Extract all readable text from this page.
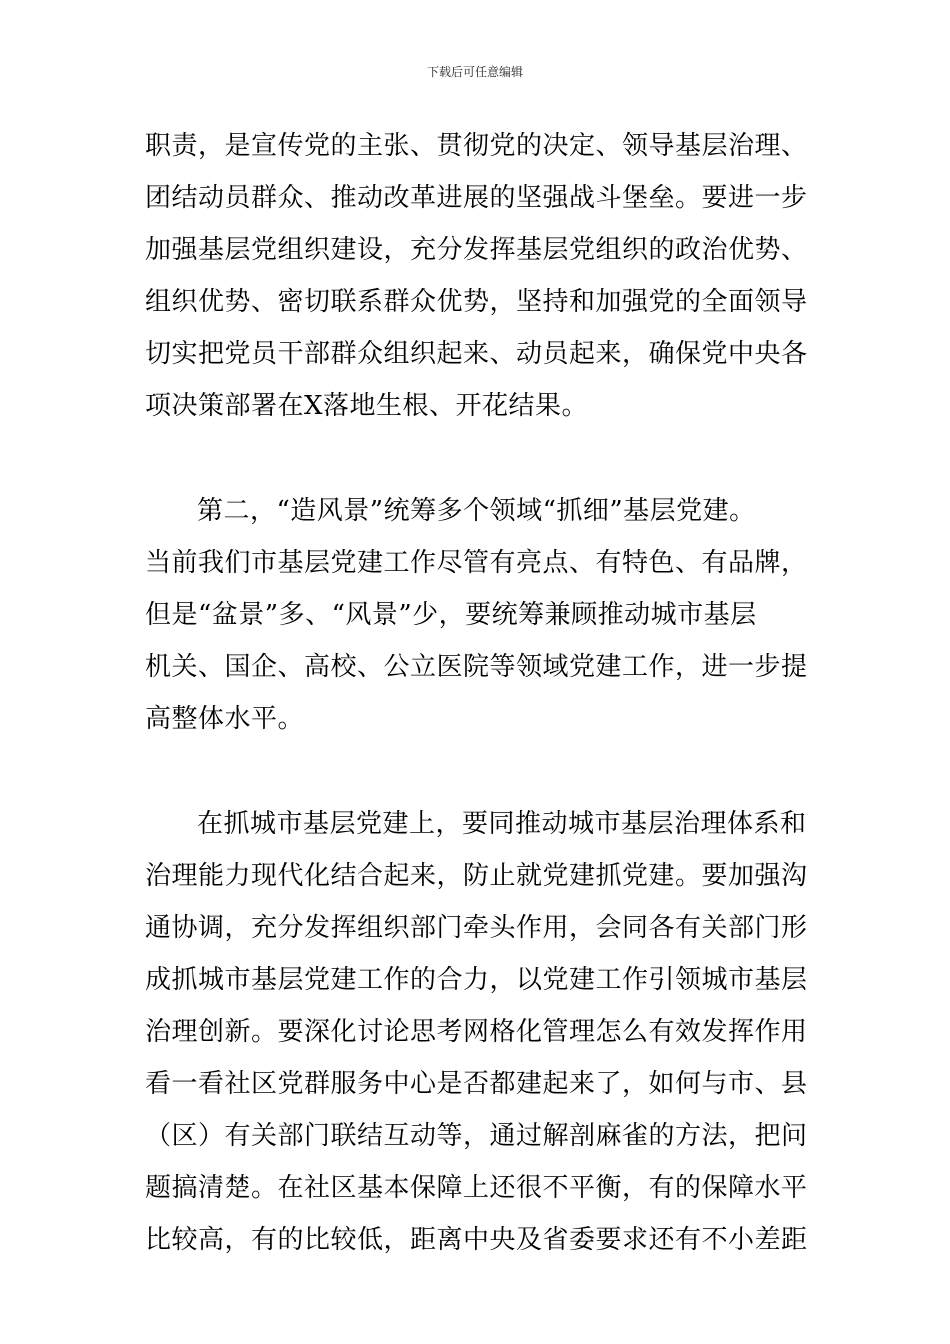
下载后可任意编辑
职责，是宣传党的主张、贯彻党的决定、领导基层治理、
团结动员群众、推动改革进展的坚强战斗堡垒。要进一步
加强基层党组织建设，充分发挥基层党组织的政治优势、
组织优势、密切联系群众优势，坚持和加强党的全面领导
切实把党员干部群众组织起来、动员起来，确保党中央各
项决策部署在X落地生根、开花结果。
第二，“造风景”统筹多个领域“抓细”基层党建。
当前我们市基层党建工作尽管有亮点、有特色、有品牌，
但是“盆景”多、“风景”少，要统筹兼顾推动城市基层
机关、国企、高校、公立医院等领域党建工作，进一步提
高整体水平。
在抓城市基层党建上，要同推动城市基层治理体系和
治理能力现代化结合起来，防止就党建抓党建。要加强沟
通协调，充分发挥组织部门牵头作用，会同各有关部门形
成抓城市基层党建工作的合力，以党建工作引领城市基层
治理创新。要深化讨论思考网格化管理怎么有效发挥作用
看一看社区党群服务中心是否都建起来了，如何与市、县
（区）有关部门联结互动等，通过解剖麻雀的方法，把问
题搞清楚。在社区基本保障上还很不平衡，有的保障水平
比较高，有的比较低，距离中央及省委要求还有不小差距
